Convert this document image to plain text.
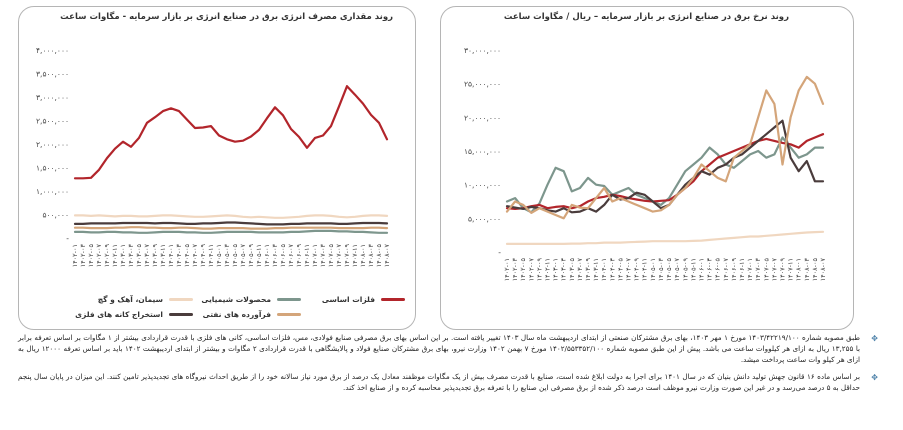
روند مقداری مصرف انرژی برق در صنایع انرژی بر بازار سرمایه - مگاوات ساعت
-
۵۰۰,۰۰۰
۱,۰۰۰,۰۰۰
۱,۵۰۰,۰۰۰
۲,۰۰۰,۰۰۰
۲,۵۰۰,۰۰۰
۳,۰۰۰,۰۰۰
۳,۵۰۰,۰۰۰
۴,۰۰۰,۰۰۰
۱۴۰۲-۰۱ ۱۴۰۲-۰۳ ۱۴۰۲-۰۵ ۱۴۰۲-۰۷ ۱۴۰۲-۰۹ ۱۴۰۲-۱۱ ۱۴۰۳-۰۱ ۱۴۰۳-۰۳ ۱۴۰۳-۰۵ ۱۴۰۳-۰۷ ۱۴۰۳-۰۹ ۱۴۰۳-۱۱ ۱۴۰۴-۰۱ ۱۴۰۴-۰۳ ۱۴۰۴-۰۵ ۱۴۰۴-۰۷ ۱۴۰۴-۰۹ ۱۴۰۴-۱۱ ۱۴۰۵-۰۱ ۱۴۰۵-۰۳ ۱۴۰۵-۰۵ ۱۴۰۵-۰۷ ۱۴۰۵-۰۹ ۱۴۰۵-۱۱ ۱۴۰۶-۰۱ ۱۴۰۶-۰۳ ۱۴۰۶-۰۵ ۱۴۰۶-۰۷ ۱۴۰۶-۰۹ ۱۴۰۶-۱۱ ۱۴۰۷-۰۱ ۱۴۰۷-۰۳ ۱۴۰۷-۰۵ ۱۴۰۷-۰۷ ۱۴۰۷-۰۹ ۱۴۰۷-۱۱ ۱۴۰۸-۰۱ ۱۴۰۸-۰۳ ۱۴۰۸-۰۵ ۱۴۰۸-۰۷
روند نرخ برق در صنایع انرژی بر بازار سرمایه – ریال / مگاوات ساعت
-
۵,۰۰۰,۰۰۰
۱۰,۰۰۰,۰۰۰
۱۵,۰۰۰,۰۰۰
۲۰,۰۰۰,۰۰۰
۲۵,۰۰۰,۰۰۰
۳۰,۰۰۰,۰۰۰
۱۴۰۲-۰۱ ۱۴۰۲-۰۳ ۱۴۰۲-۰۵ ۱۴۰۲-۰۷ ۱۴۰۲-۰۹ ۱۴۰۲-۱۱ ۱۴۰۳-۰۱ ۱۴۰۳-۰۳ ۱۴۰۳-۰۵ ۱۴۰۳-۰۷ ۱۴۰۳-۰۹ ۱۴۰۳-۱۱ ۱۴۰۴-۰۱ ۱۴۰۴-۰۳ ۱۴۰۴-۰۵ ۱۴۰۴-۰۷ ۱۴۰۴-۰۹ ۱۴۰۴-۱۱ ۱۴۰۵-۰۱ ۱۴۰۵-۰۳ ۱۴۰۵-۰۵ ۱۴۰۵-۰۷ ۱۴۰۵-۰۹ ۱۴۰۵-۱۱ ۱۴۰۶-۰۱ ۱۴۰۶-۰۳ ۱۴۰۶-۰۵ ۱۴۰۶-۰۷ ۱۴۰۶-۰۹ ۱۴۰۶-۱۱ ۱۴۰۷-۰۱ ۱۴۰۷-۰۳ ۱۴۰۷-۰۵ ۱۴۰۷-۰۷ ۱۴۰۷-۰۹ ۱۴۰۷-۱۱ ۱۴۰۸-۰۱ ۱۴۰۸-۰۳ ۱۴۰۸-۰۵ ۱۴۰۸-۰۷
سیمان، آهک و گچ	محصولات شیمیایی	فلزات اساسی
استخراج کانه های فلزی	فرآورده های نفتی
✥
طبق مصوبه شماره ۱۴۰۳/۴۲۲۱۹/۱۰۰ مورخ ۱ مهر ۱۴۰۳، بهای برق مشترکان صنعتی از ابتدای اردیبهشت ماه سال ۱۴۰۳ تغییر یافته است. بر این اساس بهای برق مصرفی صنایع فولادی، مس، فلزات اساسی، کانی های فلزی با قدرت قراردادی بیشتر از ۱ مگاوات بر اساس تعرفه برابر با ۱۳,۲۵۵ ریال به ازای هر کیلووات ساعت می باشد. پیش از این طبق مصوبه شماره ۱۴۰۲/۵۵۳۳۵۲/۱۰۰ مورخ ۷ بهمن ۱۴۰۲ وزارت نیرو، بهای برق مشترکان صنایع فولاد و پالایشگاهی با قدرت قراردادی ۲ مگاوات و بیشتر از ابتدای اردیبهشت ۱۴۰۲ باید بر اساس تعرفه ۱۲۰۰۰ ریال به ازای هر کیلو وات ساعت پرداخت میشد.
✥
بر اساس ماده ۱۶ قانون جهش تولید دانش بنیان که در سال ۱۴۰۱ برای اجرا به دولت ابلاغ شده است، صنایع با قدرت مصرف بیش از یک مگاوات موظفند معادل یک درصد از برق مورد نیاز سالانه خود را از طریق احداث نیروگاه های تجدیدپذیر تامین کنند. این میزان در پایان سال پنجم حداقل به ۵ درصد می‌رسد و در غیر این صورت وزارت نیرو موظف است درصد ذکر شده از برق مصرفی این صنایع را با تعرفه برق تجدیدپذیر محاسبه کرده و از صنایع اخذ کند.
